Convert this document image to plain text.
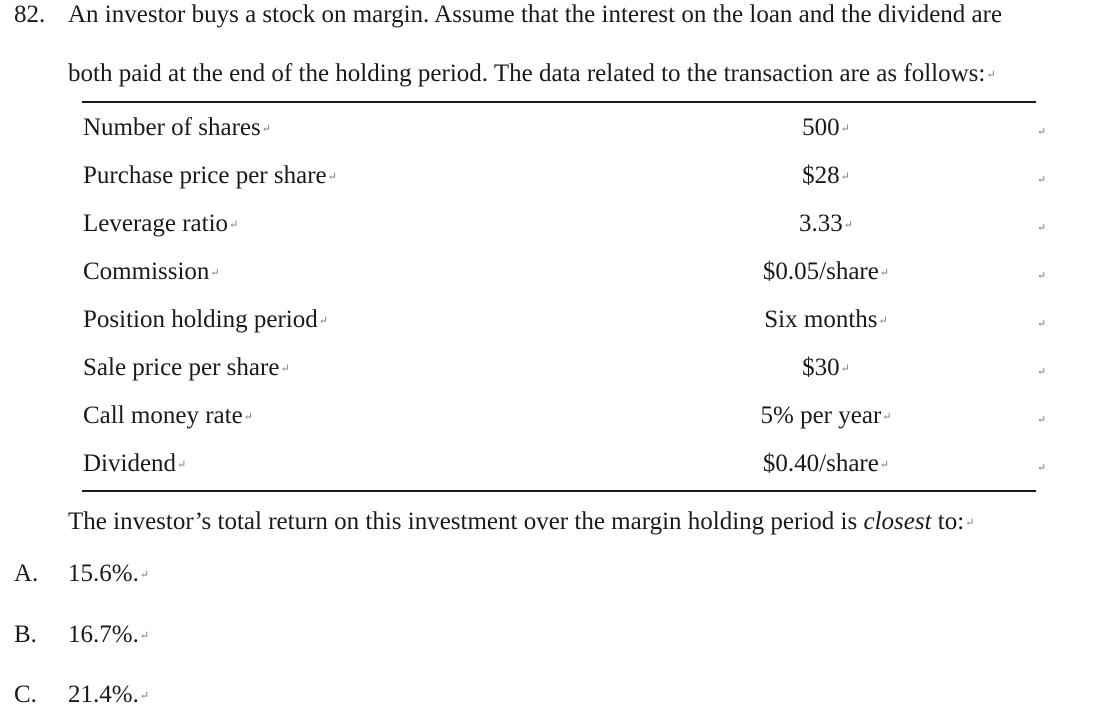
82. An investor buys a stock on margin. Assume that the interest on the loan and the dividend are
both paid at the end of the holding period. The data related to the transaction are as follows:↵
Number of shares↵	500↵	↵
Purchase price per share↵	$28↵	↵
Leverage ratio↵	3.33↵	↵
Commission↵	$0.05/share↵	↵
Position holding period↵	Six months↵	↵
Sale price per share↵	$30↵	↵
Call money rate↵	5% per year↵	↵
Dividend↵	$0.40/share↵	↵
The investor’s total return on this investment over the margin holding period is closest to:↵
A. 15.6%.↵
B. 16.7%.↵
C. 21.4%.↵
